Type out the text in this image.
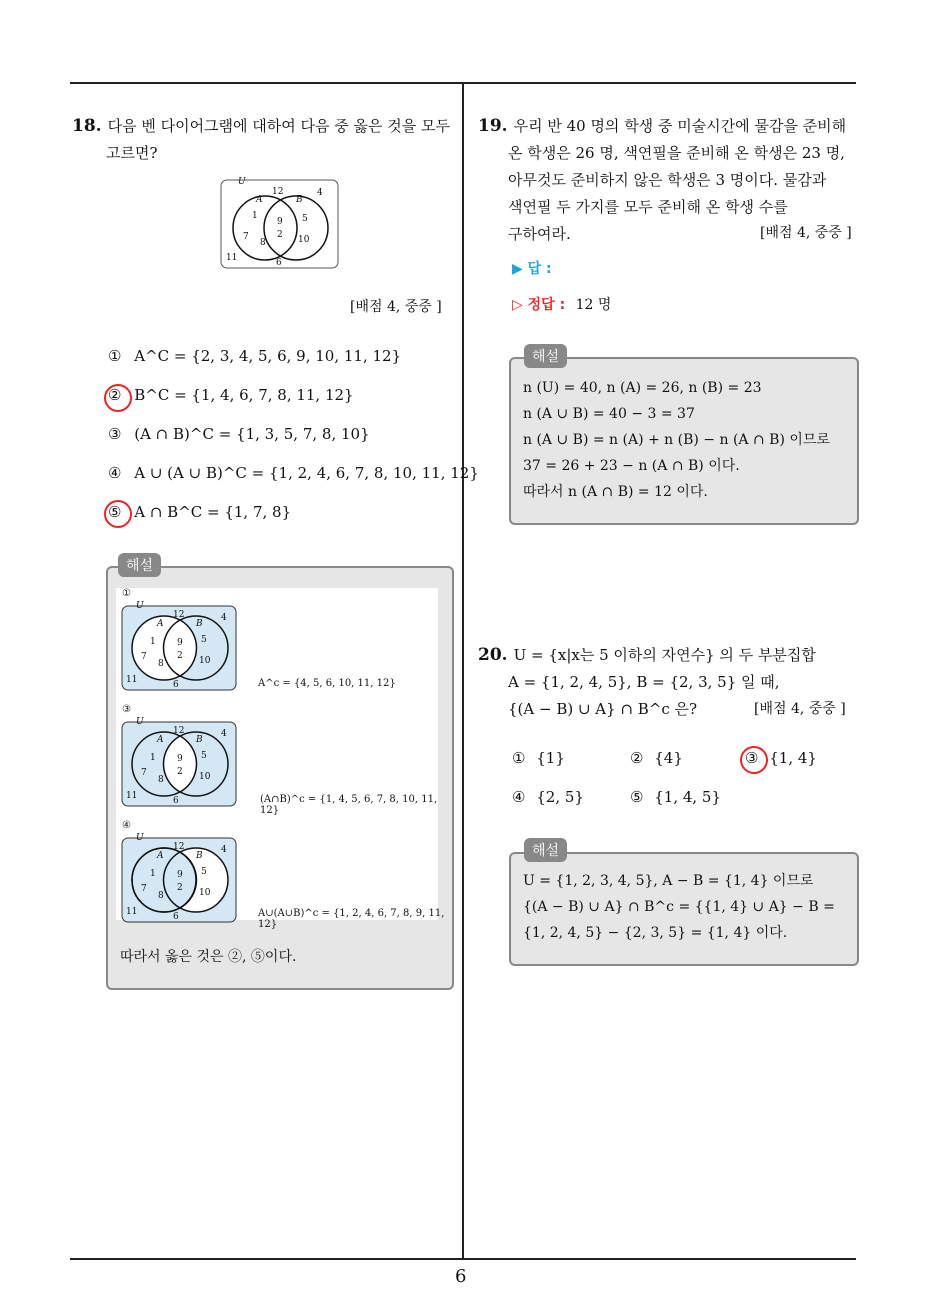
6
18. 다음 벤 다이어그램에 대하여 다음 중 옳은 것을 모두
고르면?
U
A	B
12	4
1
9 5
7	2
8	10
11	6
[배점 4, 중중 ]
① A^C = {2, 3, 4, 5, 6, 9, 10, 11, 12}
② B^C = {1, 4, 6, 7, 8, 11, 12}
③ (A ∩ B)^C = {1, 3, 5, 7, 8, 10}
④ A ∪ (A ∪ B)^C = {1, 2, 4, 6, 7, 8, 10, 11, 12}
⑤ A ∩ B^C = {1, 7, 8}
①
U
A	B
12	4
1 9 5
7	2
8	10
11	6	A^c = {4, 5, 6, 10, 11, 12}
③
U
A	B
12	4
1 9 5
7	2
8	10
11	6	(A∩B)^c = {1, 4, 5, 6, 7, 8, 10, 11, 12}
④
U
A	B
12	4
1 9 5
7	2
8	10
11	6	A∪(A∪B)^c = {1, 2, 4, 6, 7, 8, 9, 11, 12}
따라서 옳은 것은 ②, ⑤이다.
해설
19. 우리 반 40 명의 학생 중 미술시간에 물감을 준비해
온 학생은 26 명, 색연필을 준비해 온 학생은 23 명,
아무것도 준비하지 않은 학생은 3 명이다. 물감과
색연필 두 가지를 모두 준비해 온 학생 수를
구하여라.	[배점 4, 중중 ]
▶ 답 :
▷ 정답 : 12 명
n (U) = 40, n (A) = 26, n (B) = 23
n (A ∪ B) = 40 − 3 = 37
n (A ∪ B) = n (A) + n (B) − n (A ∩ B) 이므로
37 = 26 + 23 − n (A ∩ B) 이다.
따라서 n (A ∩ B) = 12 이다.
해설
20. U = {x|x는 5 이하의 자연수} 의 두 부분집합
A = {1, 2, 4, 5}, B = {2, 3, 5} 일 때,
{(A − B) ∪ A} ∩ B^c 은?	[배점 4, 중중 ]
① {1}	② {4}	③ {1, 4}
④ {2, 5}	⑤ {1, 4, 5}
U = {1, 2, 3, 4, 5}, A − B = {1, 4} 이므로
{(A − B) ∪ A} ∩ B^c = {{1, 4} ∪ A} − B =
{1, 2, 4, 5} − {2, 3, 5} = {1, 4} 이다.
해설
